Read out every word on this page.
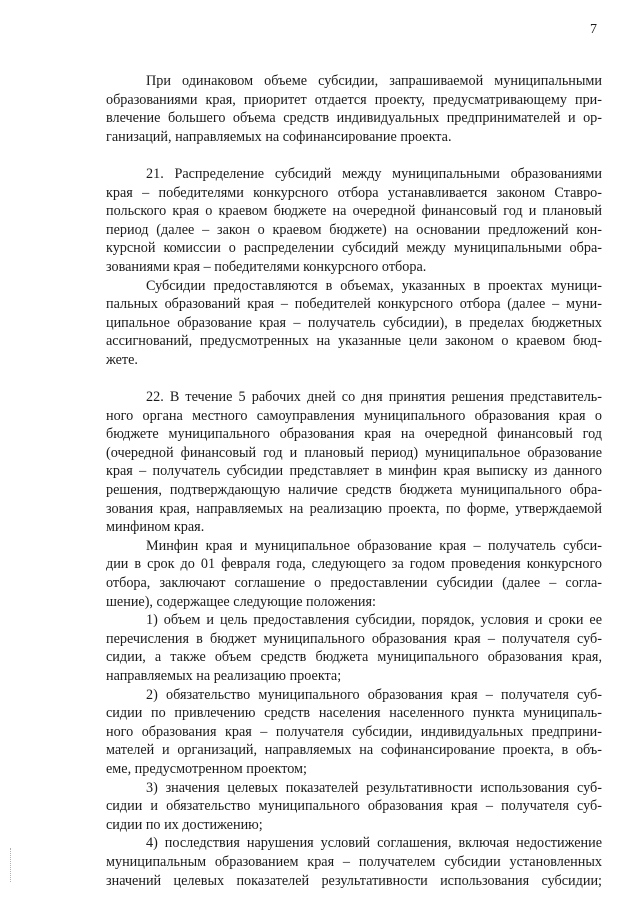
7
При одинаковом объеме субсидии, запрашиваемой муниципальными
образованиями края, приоритет отдается проекту, предусматривающему при-
влечение большего объема средств индивидуальных предпринимателей и ор-
ганизаций, направляемых на софинансирование проекта.
21. Распределение субсидий между муниципальными образованиями
края – победителями конкурсного отбора устанавливается законом Ставро-
польского края о краевом бюджете на очередной финансовый год и плановый
период (далее – закон о краевом бюджете) на основании предложений кон-
курсной комиссии о распределении субсидий между муниципальными обра-
зованиями края – победителями конкурсного отбора.
Субсидии предоставляются в объемах, указанных в проектах муници-
пальных образований края – победителей конкурсного отбора (далее – муни-
ципальное образование края – получатель субсидии), в пределах бюджетных
ассигнований, предусмотренных на указанные цели законом о краевом бюд-
жете.
22. В течение 5 рабочих дней со дня принятия решения представитель-
ного органа местного самоуправления муниципального образования края о
бюджете муниципального образования края на очередной финансовый год
(очередной финансовый год и плановый период) муниципальное образование
края – получатель субсидии представляет в минфин края выписку из данного
решения, подтверждающую наличие средств бюджета муниципального обра-
зования края, направляемых на реализацию проекта, по форме, утверждаемой
минфином края.
Минфин края и муниципальное образование края – получатель субси-
дии в срок до 01 февраля года, следующего за годом проведения конкурсного
отбора, заключают соглашение о предоставлении субсидии (далее – согла-
шение), содержащее следующие положения:
1) объем и цель предоставления субсидии, порядок, условия и сроки ее
перечисления в бюджет муниципального образования края – получателя суб-
сидии, а также объем средств бюджета муниципального образования края,
направляемых на реализацию проекта;
2) обязательство муниципального образования края – получателя суб-
сидии по привлечению средств населения населенного пункта муниципаль-
ного образования края – получателя субсидии, индивидуальных предприни-
мателей и организаций, направляемых на софинансирование проекта, в объ-
еме, предусмотренном проектом;
3) значения целевых показателей результативности использования суб-
сидии и обязательство муниципального образования края – получателя суб-
сидии по их достижению;
4) последствия нарушения условий соглашения, включая недостижение
муниципальным образованием края – получателем субсидии установленных
значений целевых показателей результативности использования субсидии;
